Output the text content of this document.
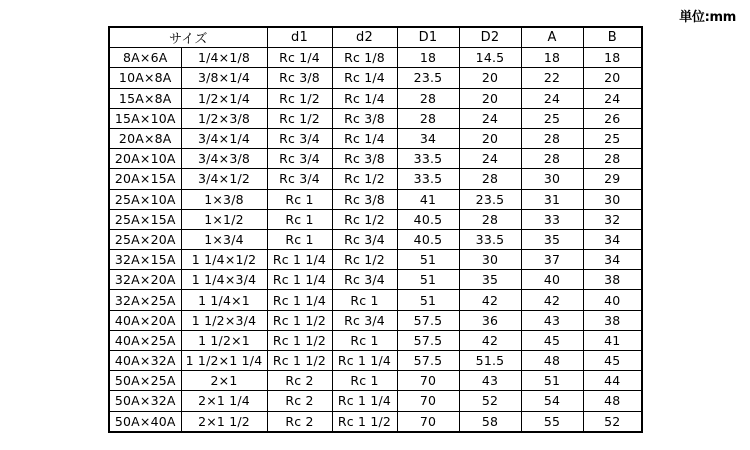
単位:mm
サイズ		d1	d2	D1	D2	A	B
8A×6A	1/4×1/8	Rc 1/4	Rc 1/8	18	14.5	18	18
10A×8A	3/8×1/4	Rc 3/8	Rc 1/4	23.5	20	22	20
15A×8A	1/2×1/4	Rc 1/2	Rc 1/4	28	20	24	24
15A×10A	1/2×3/8	Rc 1/2	Rc 3/8	28	24	25	26
20A×8A	3/4×1/4	Rc 3/4	Rc 1/4	34	20	28	25
20A×10A	3/4×3/8	Rc 3/4	Rc 3/8	33.5	24	28	28
20A×15A	3/4×1/2	Rc 3/4	Rc 1/2	33.5	28	30	29
25A×10A	1×3/8	Rc 1	Rc 3/8	41	23.5	31	30
25A×15A	1×1/2	Rc 1	Rc 1/2	40.5	28	33	32
25A×20A	1×3/4	Rc 1	Rc 3/4	40.5	33.5	35	34
32A×15A	1 1/4×1/2	Rc 1 1/4	Rc 1/2	51	30	37	34
32A×20A	1 1/4×3/4	Rc 1 1/4	Rc 3/4	51	35	40	38
32A×25A	1 1/4×1	Rc 1 1/4	Rc 1	51	42	42	40
40A×20A	1 1/2×3/4	Rc 1 1/2	Rc 3/4	57.5	36	43	38
40A×25A	1 1/2×1	Rc 1 1/2	Rc 1	57.5	42	45	41
40A×32A	1 1/2×1 1/4	Rc 1 1/2	Rc 1 1/4	57.5	51.5	48	45
50A×25A	2×1	Rc 2	Rc 1	70	43	51	44
50A×32A	2×1 1/4	Rc 2	Rc 1 1/4	70	52	54	48
50A×40A	2×1 1/2	Rc 2	Rc 1 1/2	70	58	55	52
